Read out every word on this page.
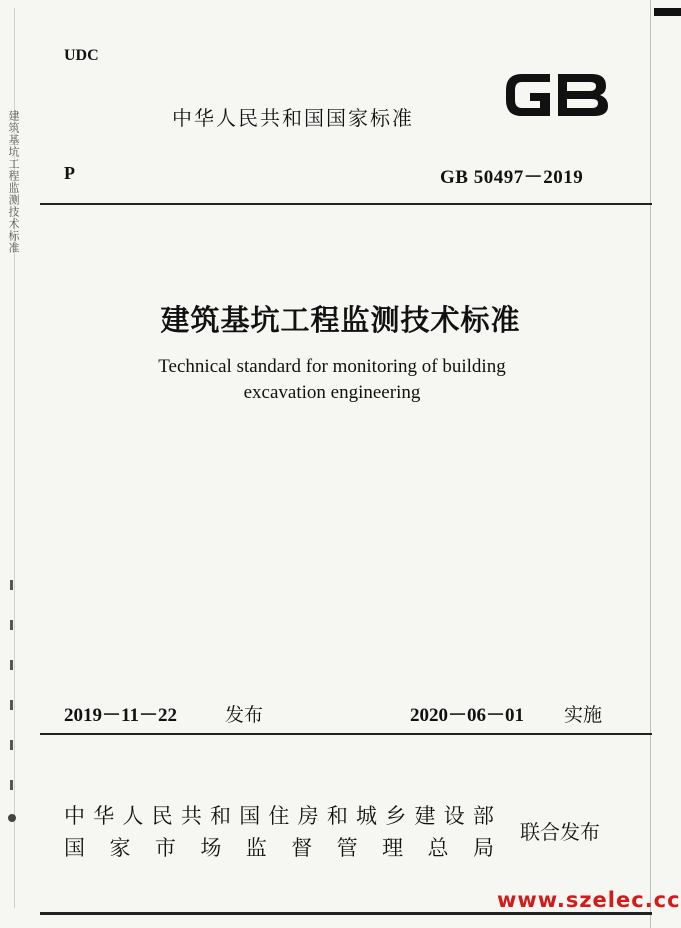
建筑基坑工程监测技术标准
UDC
中华人民共和国国家标准
GB
P	GB 50497－2019
建筑基坑工程监测技术标准
Technical standard for monitoring of building
excavation engineering
2019－11－22	发布	2020－06－01 实施
中 华 人 民 共 和 国 住 房 和 城 乡 建 设 部
国 家 市 场 监 督 管 理 总 局
联合发布
www.szelec.cc
